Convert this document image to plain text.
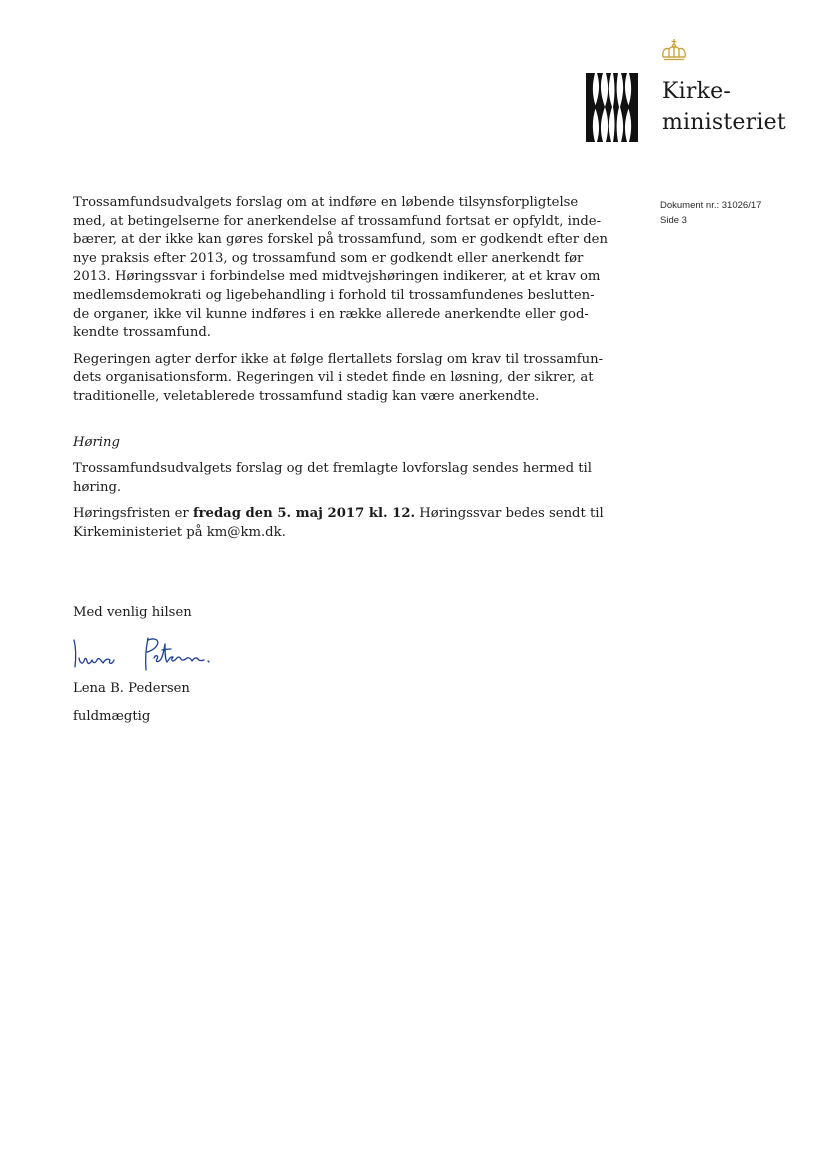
Kirke-
ministeriet
Dokument nr.: 31026/17
Side 3

Trossamfundsudvalgets forslag om at indføre en løbende tilsynsforpligtelse
med, at betingelserne for anerkendelse af trossamfund fortsat er opfyldt, inde-
bærer, at der ikke kan gøres forskel på trossamfund, som er godkendt efter den
nye praksis efter 2013, og trossamfund som er godkendt eller anerkendt før
2013. Høringssvar i forbindelse med midtvejshøringen indikerer, at et krav om
medlemsdemokrati og ligebehandling i forhold til trossamfundenes beslutten-
de organer, ikke vil kunne indføres i en række allerede anerkendte eller god-
kendte trossamfund.

Regeringen agter derfor ikke at følge flertallets forslag om krav til trossamfun-
dets organisationsform. Regeringen vil i stedet finde en løsning, der sikrer, at
traditionelle, veletablerede trossamfund stadig kan være anerkendte.

Høring

Trossamfundsudvalgets forslag og det fremlagte lovforslag sendes hermed til
høring.

Høringsfristen er fredag den 5. maj 2017 kl. 12. Høringssvar bedes sendt til
Kirkeministeriet på km@km.dk.

Med venlig hilsen
Lena B. Pedersen
fuldmægtig
